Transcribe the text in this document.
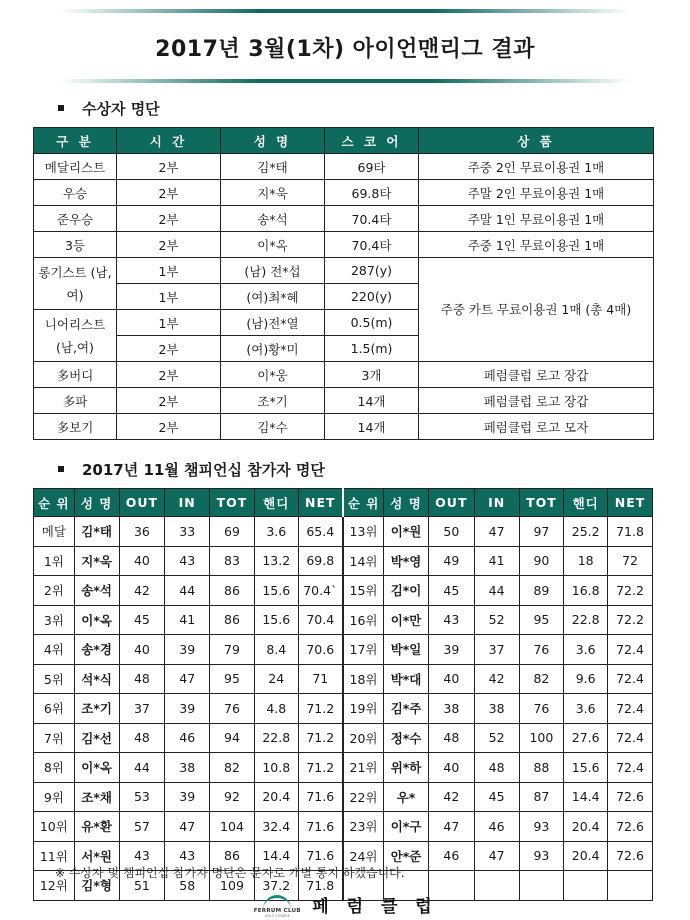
2017년 3월(1차) 아이언맨리그 결과
수상자 명단
구 분	시 간	성 명	스 코 어	상 품
메달리스트	2부	김*태	69타	주중 2인 무료이용권 1매
우승	2부	지*욱	69.8타	주말 2인 무료이용권 1매
준우승	2부	송*석	70.4타	주말 1인 무료이용권 1매
3등	2부	이*옥	70.4타	주중 1인 무료이용권 1매
롱기스트 (남,여)	1부	(남) 전*섭	287(y)	주중 카트 무료이용권 1매 (총 4매)
	1부	(여)최*혜	220(y)	
니어리스트 (남,여)	1부	(남)전*열	0.5(m)	
	2부	(여)황*미	1.5(m)	
多버디	2부	이*웅	3개	페럼클럽 로고 장갑
多파	2부	조*기	14개	페럼클럽 로고 장갑
多보기	2부	김*수	14개	페럼클럽 로고 모자
2017년 11월 챔피언십 참가자 명단
순 위	성 명	OUT	IN	TOT	핸디	NET	순 위	성 명	OUT	IN	TOT	핸디	NET
메달	김*태	36	33	69	3.6	65.4	13위	이*원	50	47	97	25.2	71.8
1위	지*욱	40	43	83	13.2	69.8	14위	박*영	49	41	90	18	72
2위	송*석	42	44	86	15.6	70.4`	15위	김*이	45	44	89	16.8	72.2
3위	이*옥	45	41	86	15.6	70.4	16위	이*만	43	52	95	22.8	72.2
4위	송*경	40	39	79	8.4	70.6	17위	박*일	39	37	76	3.6	72.4
5위	석*식	48	47	95	24	71	18위	박*대	40	42	82	9.6	72.4
6위	조*기	37	39	76	4.8	71.2	19위	김*주	38	38	76	3.6	72.4
7위	김*선	48	46	94	22.8	71.2	20위	정*수	48	52	100	27.6	72.4
8위	이*옥	44	38	82	10.8	71.2	21위	위*하	40	48	88	15.6	72.4
9위	조*채	53	39	92	20.4	71.6	22위	우*	42	45	87	14.4	72.6
10위	유*환	57	47	104	32.4	71.6	23위	이*구	47	46	93	20.4	72.6
11위	서*원	43	43	86	14.4	71.6	24위	안*준	46	47	93	20.4	72.6
12위	김*형	51	58	109	37.2	71.8							
※ 수상자 및 챔피언십 참가자 명단은 문자로 개별 통지 하겠습니다.
FERRUM CLUB
GOLF COURSE	페 럼 클 럽
